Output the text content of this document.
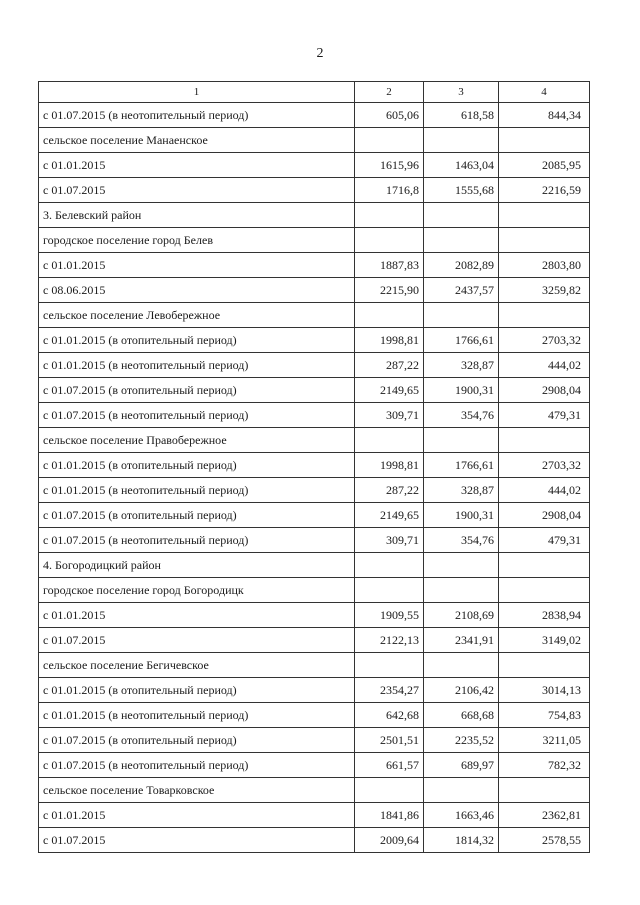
2
1	2	3	4
с 01.07.2015 (в неотопительный период)	605,06	618,58	844,34
сельское поселение Манаенское			
с 01.01.2015	1615,96	1463,04	2085,95
с 01.07.2015	1716,8	1555,68	2216,59
3. Белевский район			
городское поселение город Белев			
с 01.01.2015	1887,83	2082,89	2803,80
с 08.06.2015	2215,90	2437,57	3259,82
сельское поселение Левобережное			
с 01.01.2015 (в отопительный период)	1998,81	1766,61	2703,32
с 01.01.2015 (в неотопительный период)	287,22	328,87	444,02
с 01.07.2015 (в отопительный период)	2149,65	1900,31	2908,04
с 01.07.2015 (в неотопительный период)	309,71	354,76	479,31
сельское поселение Правобережное			
с 01.01.2015 (в отопительный период)	1998,81	1766,61	2703,32
с 01.01.2015 (в неотопительный период)	287,22	328,87	444,02
с 01.07.2015 (в отопительный период)	2149,65	1900,31	2908,04
с 01.07.2015 (в неотопительный период)	309,71	354,76	479,31
4. Богородицкий район			
городское поселение город Богородицк			
с 01.01.2015	1909,55	2108,69	2838,94
с 01.07.2015	2122,13	2341,91	3149,02
сельское поселение Бегичевское			
с 01.01.2015 (в отопительный период)	2354,27	2106,42	3014,13
с 01.01.2015 (в неотопительный период)	642,68	668,68	754,83
с 01.07.2015 (в отопительный период)	2501,51	2235,52	3211,05
с 01.07.2015 (в неотопительный период)	661,57	689,97	782,32
сельское поселение Товарковское			
с 01.01.2015	1841,86	1663,46	2362,81
с 01.07.2015	2009,64	1814,32	2578,55
